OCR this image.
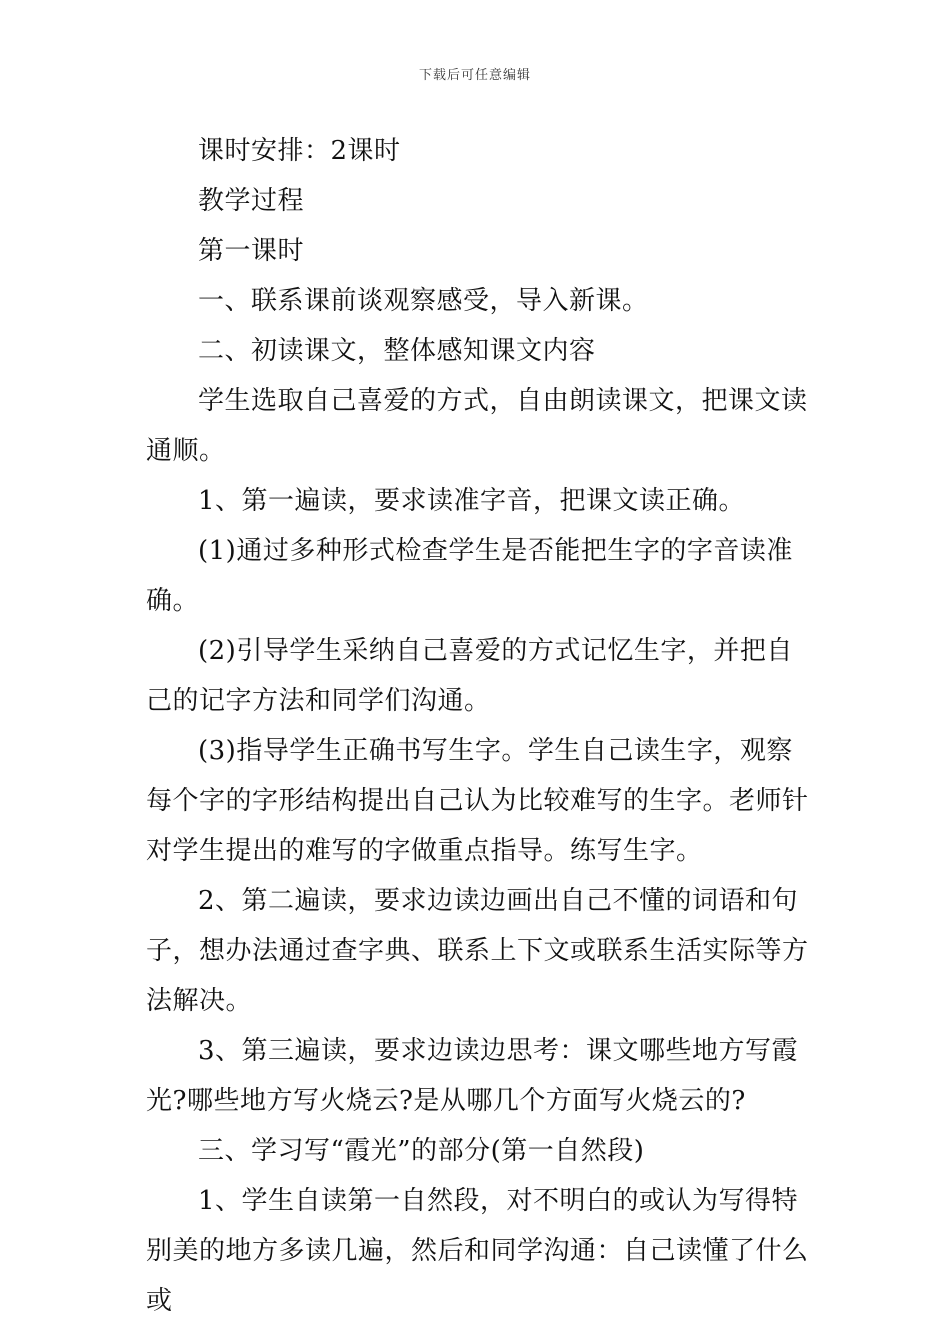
下载后可任意编辑

课时安排：2课时

教学过程

第一课时

一、联系课前谈观察感受，导入新课。

二、初读课文，整体感知课文内容

学生选取自己喜爱的方式，自由朗读课文，把课文读通顺。

1、第一遍读，要求读准字音，把课文读正确。

(1)通过多种形式检查学生是否能把生字的字音读准确。

(2)引导学生采纳自己喜爱的方式记忆生字，并把自己的记字方法和同学们沟通。

(3)指导学生正确书写生字。学生自己读生字，观察每个字的字形结构提出自己认为比较难写的生字。老师针对学生提出的难写的字做重点指导。练写生字。

2、第二遍读，要求边读边画出自己不懂的词语和句子，想办法通过查字典、联系上下文或联系生活实际等方法解决。

3、第三遍读，要求边读边思考：课文哪些地方写霞光?哪些地方写火烧云?是从哪几个方面写火烧云的?

三、学习写“霞光”的部分(第一自然段)

1、学生自读第一自然段，对不明白的或认为写得特别美的地方多读几遍，然后和同学沟通：自己读懂了什么或
